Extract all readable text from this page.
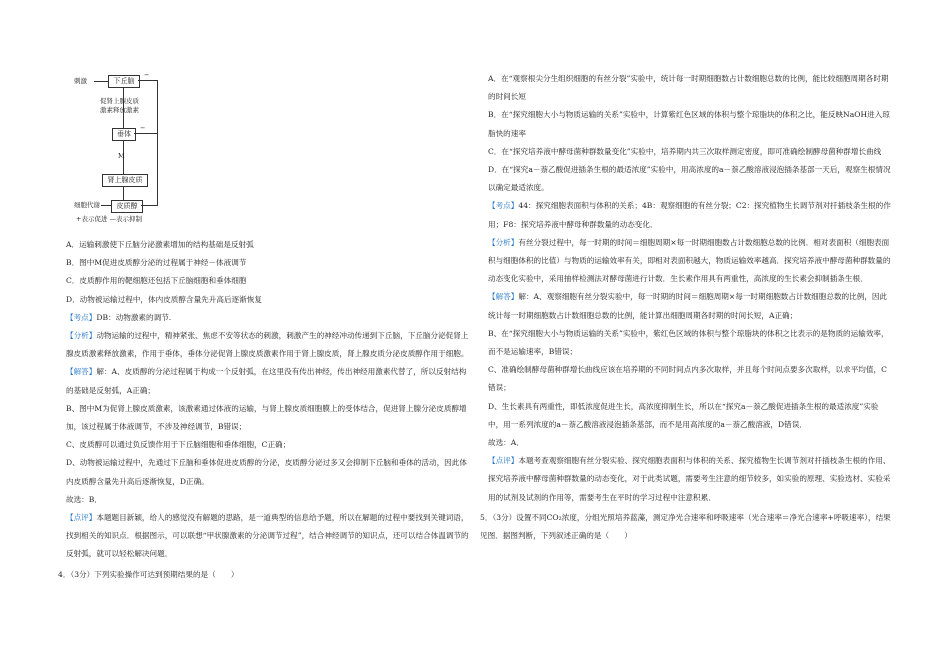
刺激	下丘脑
−
促肾上腺皮质
激素释放激素
垂体
−
M
肾上腺皮质
细胞代谢	皮质醇
+表示促进 —表示抑制

A．运输刺激使下丘脑分泌激素增加的结构基础是反射弧

B．图中M促进皮质醇分泌的过程属于神经－体液调节

C．皮质醇作用的靶细胞还包括下丘脑细胞和垂体细胞

D．动物被运输过程中，体内皮质醇含量先升高后逐渐恢复

【考点】DB：动物激素的调节.

【分析】动物运输的过程中，精神紧张、焦虑不安等状态的刺激，刺激产生的神经冲动传递到下丘脑，下丘脑分泌促肾上腺皮质激素释放激素，作用于垂体，垂体分泌促肾上腺皮质激素作用于肾上腺皮质，肾上腺皮质分泌皮质醇作用于细胞。

【解答】解：A、皮质醇的分泌过程属于构成一个反射弧，在这里没有传出神经，传出神经用激素代替了，所以反射结构的基础是反射弧，A正确；

B、图中M为促肾上腺皮质激素，该激素通过体液的运输，与肾上腺皮质细胞膜上的受体结合，促进肾上腺分泌皮质醇增加，该过程属于体液调节，不涉及神经调节，B错误；

C、皮质醇可以通过负反馈作用于下丘脑细胞和垂体细胞，C正确；

D、动物被运输过程中，先通过下丘脑和垂体促进皮质醇的分泌，皮质醇分泌过多又会抑制下丘脑和垂体的活动，因此体内皮质醇含量先升高后逐渐恢复，D正确。

故选：B．

【点评】本题题目新颖，给人的感觉没有解题的思路，是一道典型的信息给予题，所以在解题的过程中要找到关键词语，找到相关的知识点．根据图示，可以联想“甲状腺激素的分泌调节过程”，结合神经调节的知识点，还可以结合体温调节的反射弧，就可以轻松解决问题．

4．（3分）下列实验操作可达到预期结果的是（　　）

A．在“观察根尖分生组织细胞的有丝分裂”实验中，统计每一时期细胞数占计数细胞总数的比例，能比较细胞周期各时期的时间长短

B．在“探究细胞大小与物质运输的关系”实验中，计算紫红色区域的体积与整个琼脂块的体积之比，能反映NaOH进入琼脂快的速率

C．在“探究培养液中酵母菌种群数量变化”实验中，培养期内共三次取样测定密度，即可准确绘制酵母菌种群增长曲线

D．在“探究a－萘乙酸促进插条生根的最适浓度”实验中，用高浓度的a－萘乙酸溶液浸泡插条基部一天后，观察生根情况以确定最适浓度。

【考点】44：探究细胞表面积与体积的关系；4B：观察细胞的有丝分裂；C2：探究植物生长调节剂对扦插枝条生根的作用；F8：探究培养液中酵母种群数量的动态变化．

【分析】有丝分裂过程中，每一时期的时间＝细胞周期×每一时期细胞数占计数细胞总数的比例．相对表面积（细胞表面积与细胞体积的比值）与物质的运输效率有关，即相对表面积越大，物质运输效率越高．探究培养液中酵母菌种群数量的动态变化实验中，采用抽样检测法对酵母菌进行计数．生长素作用具有两重性，高浓度的生长素会抑制插条生根．

【解答】解：A、观察细胞有丝分裂实验中，每一时期的时间＝细胞周期×每一时期细胞数占计数细胞总数的比例，因此统计每一时期细胞数占计数细胞总数的比例，能计算出细胞周期各时期的时间长短，A正确；

B、在“探究细胞大小与物质运输的关系”实验中，紫红色区域的体积与整个琼脂块的体积之比表示的是物质的运输效率，而不是运输速率，B错误；

C、准确绘制酵母菌种群增长曲线应该在培养期的不同时间点内多次取样，并且每个时间点要多次取样，以求平均值，C错误；

D、生长素具有两重性，即低浓度促进生长，高浓度抑制生长，所以在“探究a－萘乙酸促进插条生根的最适浓度”实验中，用一系列浓度的a－萘乙酸溶液浸泡插条基部，而不是用高浓度的a－萘乙酸溶液，D错误．

故选：A．

【点评】本题考查观察细胞有丝分裂实验、探究细胞表面积与体积的关系、探究植物生长调节剂对扦插枝条生根的作用、探究培养液中酵母菌种群数量的动态变化，对于此类试题，需要考生注意的细节较多，如实验的原理、实验选材、实验采用的试剂及试剂的作用等，需要考生在平时的学习过程中注意积累．

5．（3分）设置不同CO₂浓度，分组光照培养蓝藻，测定净光合速率和呼吸速率（光合速率＝净光合速率+呼吸速率），结果见图．据图判断，下列叙述正确的是（　　）
